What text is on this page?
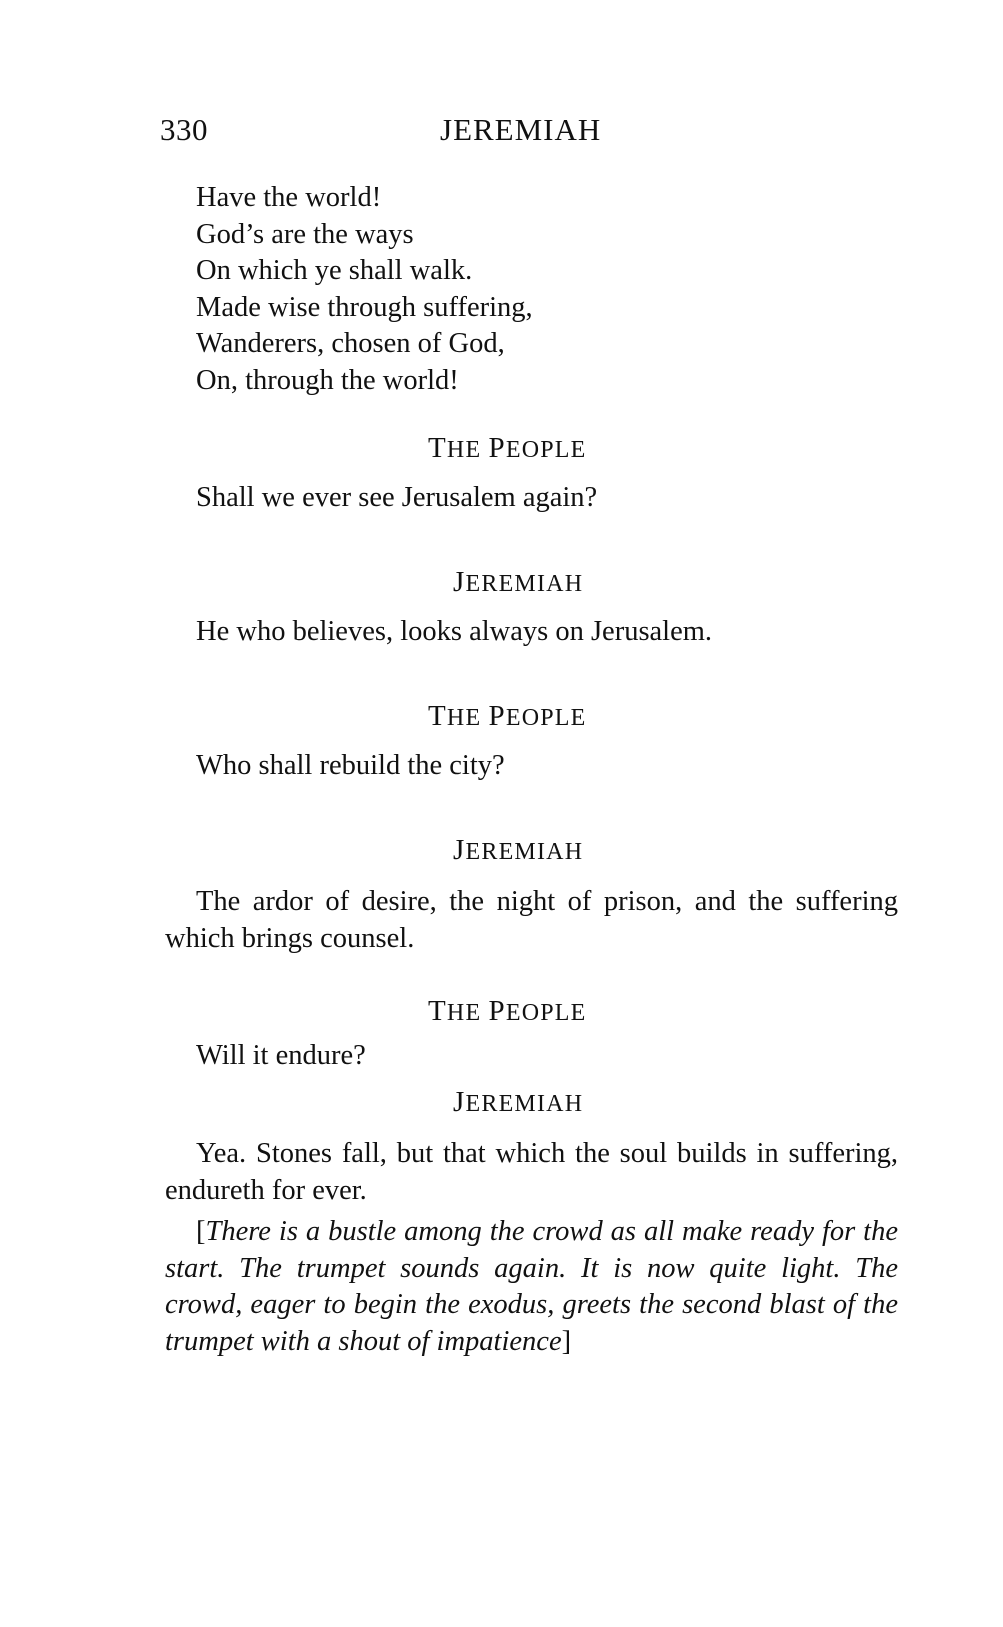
330	JEREMIAH
Have the world!
God’s are the ways
On which ye shall walk.
Made wise through suffering,
Wanderers, chosen of God,
On, through the world!
THE PEOPLE
Shall we ever see Jerusalem again?
JEREMIAH
He who believes, looks always on Jerusalem.
THE PEOPLE
Who shall rebuild the city?
JEREMIAH
The ardor of desire, the night of prison, and the suffering which brings counsel.
THE PEOPLE
Will it endure?
JEREMIAH
Yea. Stones fall, but that which the soul builds in suffering, endureth for ever.
[There is a bustle among the crowd as all make ready for the start. The trumpet sounds again. It is now quite light. The crowd, eager to begin the exodus, greets the second blast of the trumpet with a shout of impatience]
